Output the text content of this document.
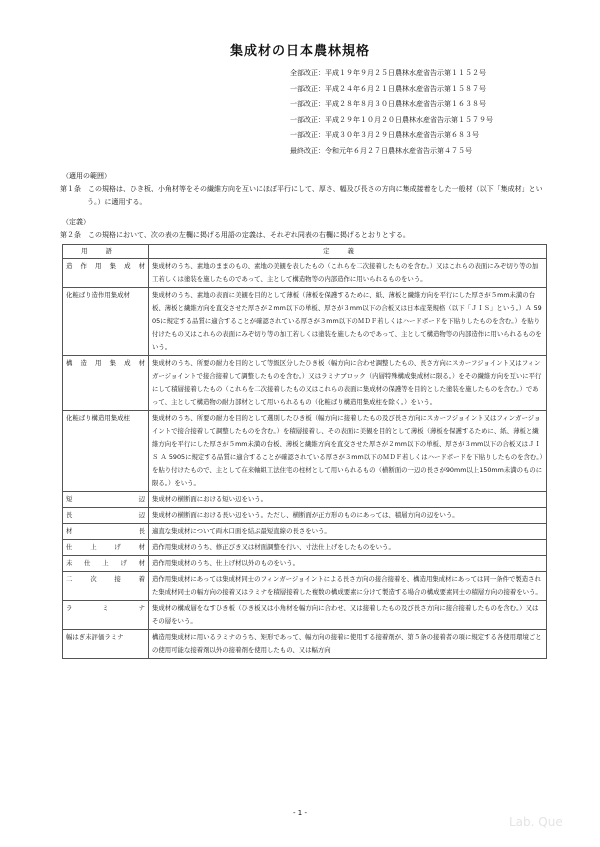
集成材の日本農林規格
全部改正：平成１９年９月２５日農林水産省告示第１１５２号
一部改正：平成２４年６月２１日農林水産省告示第１５８７号
一部改正：平成２８年８月３０日農林水産省告示第１６３８号
一部改正：平成２９年１０月２０日農林水産省告示第１５７９号
一部改正：平成３０年３月２９日農林水産省告示第６８３号
最終改正：令和元年６月２７日農林水産省告示第４７５号
（適用の範囲）
第１条　この規格は、ひき板、小角材等をその繊維方向を互いにほぼ平行にして、厚さ、幅及び長さの方向に集成接着をした一般材（以下「集成材」という。）に適用する。
（定義）
第２条　この規格において、次の表の左欄に掲げる用語の定義は、それぞれ同表の右欄に掲げるとおりとする。
用語	定義
造作用集成材	集成材のうち、素地のままのもの、素地の美観を表したもの（これらを二次接着したものを含む。）又はこれらの表面にみぞ切り等の加工若しくは塗装を施したものであって、主として構造物等の内部造作に用いられるものをいう。
化粧ばり造作用集成材	集成材のうち、素地の表面に美観を目的として薄板（薄板を保護するために、紙、薄板と繊維方向を平行にした厚さが５mm未満の台板、薄板と繊維方向を直交させた厚さが２mm以下の単板、厚さが３mm以下の合板又は日本産業規格（以下「ＪＩＳ」という。）Ａ 5905に規定する品質に適合することが確認されている厚さが３mm以下のＭＤＦ若しくはハードボードを下貼りしたものを含む。）を貼り付けたもの又はこれらの表面にみぞ切り等の加工若しくは塗装を施したものであって、主として構造物等の内部造作に用いられるものをいう。
構造用集成材	集成材のうち、所要の耐力を目的として等級区分したひき板（幅方向に合わせ調整したもの、長さ方向にスカーフジョイント又はフィンガージョイントで接合接着して調整したものを含む。）又はラミナブロック（内層特殊構成集成材に限る。）をその繊維方向を互いに平行にして積層接着したもの（これらを二次接着したもの又はこれらの表面に集成材の保護等を目的とした塗装を施したものを含む。）であって、主として構造物の耐力部材として用いられるもの（化粧ばり構造用集成柱を除く。）をいう。
化粧ばり構造用集成柱	集成材のうち、所要の耐力を目的として選別したひき板（幅方向に接着したもの及び長さ方向にスカーフジョイント又はフィンガージョイントで接合接着して調整したものを含む。）を積層接着し、その表面に美観を目的として薄板（薄板を保護するために、紙、薄板と繊維方向を平行にした厚さが５mm未満の台板、薄板と繊維方向を直交させた厚さが２mm以下の単板、厚さが３mm以下の合板又はＪＩＳ Ａ 5905に規定する品質に適合することが確認されている厚さが３mm以下のＭＤＦ若しくはハードボードを下貼りしたものを含む。）を貼り付けたもので、主として在来軸組工法住宅の柱材として用いられるもの（横断面の一辺の長さが90mm以上150mm未満のものに限る。）をいう。
短辺	集成材の横断面における短い辺をいう。
長辺	集成材の横断面における長い辺をいう。ただし、横断面が正方形のものにあっては、積層方向の辺をいう。
材長	適直な集成材について両木口面を結ぶ最短直線の長さをいう。
仕上げ材	造作用集成材のうち、修正びき又は材面調整を行い、寸法仕上げをしたものをいう。
未仕上げ材	造作用集成材のうち、仕上げ材以外のものをいう。
二次接着	造作用集成材にあっては集成材同士のフィンガージョイントによる長さ方向の接合接着を、構造用集成材にあっては同一条件で製造された集成材同士の幅方向の接着又はラミナを積層接着した複数の構成要素に分けて製造する場合の構成要素同士の積層方向の接着をいう。
ラミナ	集成材の構成層をなすひき板（ひき板又は小角材を幅方向に合わせ、又は接着したもの及び長さ方向に接合接着したものを含む。）又はその層をいう。
幅はぎ未評価ラミナ	構造用集成材に用いるラミナのうち、矩形であって、幅方向の接着に使用する接着剤が、第５条の接着者の項に規定する各使用環境ごとの使用可能な接着剤以外の接着剤を使用したもの、又は幅方向
- 1 -
Lab. Que
